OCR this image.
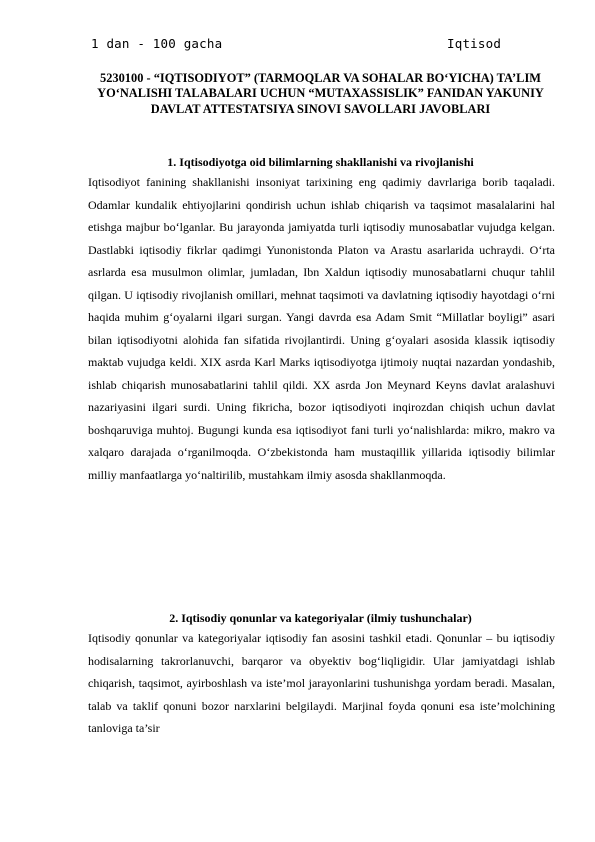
1 dan - 100 gacha	Iqtisod
5230100 - “IQTISODIYOT” (TARMOQLAR VA SOHALAR BO‘YICHA) TA’LIM YO‘NALISHI TALABALARI UCHUN “MUTAXASSISLIK” FANIDAN YAKUNIY DAVLAT ATTESTATSIYA SINOVI SAVOLLARI JAVOBLARI
1. Iqtisodiyotga oid bilimlarning shakllanishi va rivojlanishi

Iqtisodiyot fanining shakllanishi insoniyat tarixining eng qadimiy davrlariga borib taqaladi. Odamlar kundalik ehtiyojlarini qondirish uchun ishlab chiqarish va taqsimot masalalarini hal etishga majbur bo‘lganlar. Bu jarayonda jamiyatda turli iqtisodiy munosabatlar vujudga kelgan. Dastlabki iqtisodiy fikrlar qadimgi Yunonistonda Platon va Arastu asarlarida uchraydi. O‘rta asrlarda esa musulmon olimlar, jumladan, Ibn Xaldun iqtisodiy munosabatlarni chuqur tahlil qilgan. U iqtisodiy rivojlanish omillari, mehnat taqsimoti va davlatning iqtisodiy hayotdagi o‘rni haqida muhim g‘oyalarni ilgari surgan. Yangi davrda esa Adam Smit “Millatlar boyligi” asari bilan iqtisodiyotni alohida fan sifatida rivojlantirdi. Uning g‘oyalari asosida klassik iqtisodiy maktab vujudga keldi. XIX asrda Karl Marks iqtisodiyotga ijtimoiy nuqtai nazardan yondashib, ishlab chiqarish munosabatlarini tahlil qildi. XX asrda Jon Meynard Keyns davlat aralashuvi nazariyasini ilgari surdi. Uning fikricha, bozor iqtisodiyoti inqirozdan chiqish uchun davlat boshqaruviga muhtoj. Bugungi kunda esa iqtisodiyot fani turli yo‘nalishlarda: mikro, makro va xalqaro darajada o‘rganilmoqda. O‘zbekistonda ham mustaqillik yillarida iqtisodiy bilimlar milliy manfaatlarga yo‘naltirilib, mustahkam ilmiy asosda shakllanmoqda.

2. Iqtisodiy qonunlar va kategoriyalar (ilmiy tushunchalar)

Iqtisodiy qonunlar va kategoriyalar iqtisodiy fan asosini tashkil etadi. Qonunlar – bu iqtisodiy hodisalarning takrorlanuvchi, barqaror va obyektiv bog‘liqligidir. Ular jamiyatdagi ishlab chiqarish, taqsimot, ayirboshlash va iste’mol jarayonlarini tushunishga yordam beradi. Masalan, talab va taklif qonuni bozor narxlarini belgilaydi. Marjinal foyda qonuni esa iste’molchining tanloviga ta’sir
